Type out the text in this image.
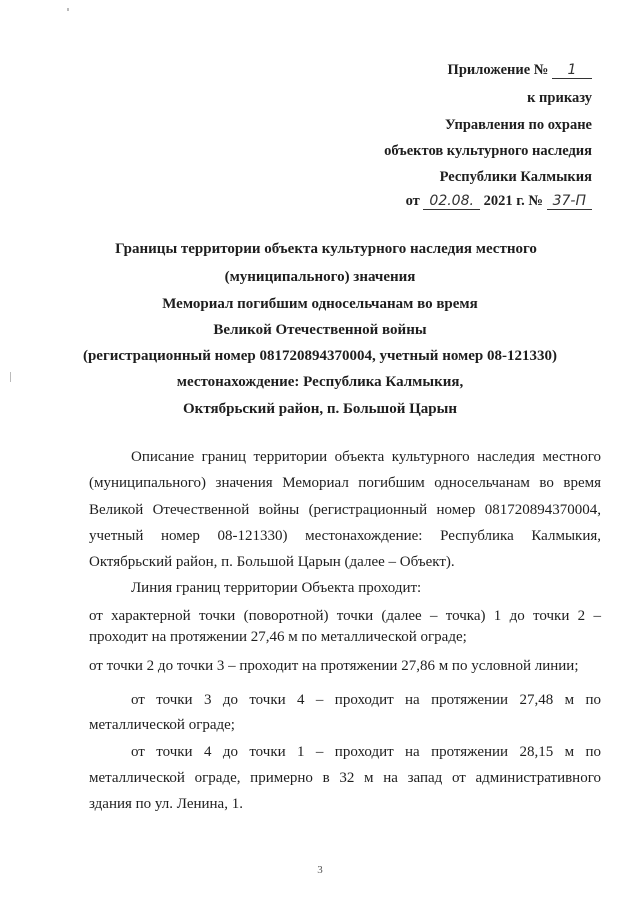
Приложение № 1
к приказу
Управления по охране
объектов культурного наследия
Республики Калмыкия
от 02.08. 2021 г. № 37-П
Границы территории объекта культурного наследия местного
(муниципального) значения
Мемориал погибшим односельчанам во время
Великой Отечественной войны
(регистрационный номер 081720894370004, учетный номер 08-121330)
местонахождение: Республика Калмыкия,
Октябрьский район, п. Большой Царын
Описание границ территории объекта культурного наследия местного
(муниципального) значения Мемориал погибшим односельчанам во время
Великой Отечественной войны (регистрационный номер 081720894370004,
учетный номер 08-121330) местонахождение: Республика Калмыкия,
Октябрьский район, п. Большой Царын (далее – Объект).
Линия границ территории Объекта проходит:
от характерной точки (поворотной) точки (далее – точка) 1 до точки 2 –
проходит на протяжении 27,46 м по металлической ограде;
от точки 2 до точки 3 – проходит на протяжении 27,86 м по условной линии;
от точки 3 до точки 4 – проходит на протяжении 27,48 м по
металлической ограде;
от точки 4 до точки 1 – проходит на протяжении 28,15 м по
металлической ограде, примерно в 32 м на запад от административного
здания по ул. Ленина, 1.
3
